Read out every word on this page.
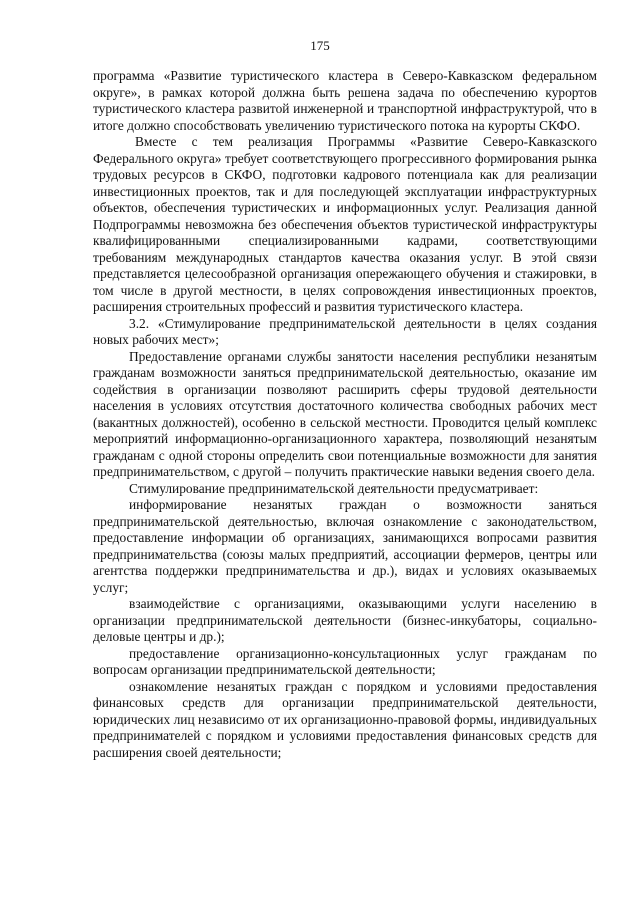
175

программа «Развитие туристического кластера в Северо-Кавказском федеральном округе», в рамках которой должна быть решена задача по обеспечению курортов туристического кластера развитой инженерной и транспортной инфраструктурой, что в итоге должно способствовать увеличению туристического потока на курорты СКФО.

Вместе с тем реализация Программы «Развитие Северо-Кавказского Федерального округа» требует соответствующего прогрессивного формирования рынка трудовых ресурсов в СКФО, подготовки кадрового потенциала как для реализации инвестиционных проектов, так и для последующей эксплуатации инфраструктурных объектов, обеспечения туристических и информационных услуг. Реализация данной Подпрограммы невозможна без обеспечения объектов туристической инфраструктуры квалифицированными специализированными кадрами, соответствующими требованиям международных стандартов качества оказания услуг. В этой связи представляется целесообразной организация опережающего обучения и стажировки, в том числе в другой местности, в целях сопровождения инвестиционных проектов, расширения строительных профессий и развития туристического кластера.

3.2. «Стимулирование предпринимательской деятельности в целях создания новых рабочих мест»;

Предоставление органами службы занятости населения республики незанятым гражданам возможности заняться предпринимательской деятельностью, оказание им содействия в организации позволяют расширить сферы трудовой деятельности населения в условиях отсутствия достаточного количества свободных рабочих мест (вакантных должностей), особенно в сельской местности. Проводится целый комплекс мероприятий информационно-организационного характера, позволяющий незанятым гражданам с одной стороны определить свои потенциальные возможности для занятия предпринимательством, с другой – получить практические навыки ведения своего дела.

Стимулирование предпринимательской деятельности предусматривает:

информирование незанятых граждан о возможности заняться предпринимательской деятельностью, включая ознакомление с законодательством, предоставление информации об организациях, занимающихся вопросами развития предпринимательства (союзы малых предприятий, ассоциации фермеров, центры или агентства поддержки предпринимательства и др.), видах и условиях оказываемых услуг;

взаимодействие с организациями, оказывающими услуги населению в организации предпринимательской деятельности (бизнес-инкубаторы, социально-деловые центры и др.);

предоставление организационно-консультационных услуг гражданам по вопросам организации предпринимательской деятельности;

ознакомление незанятых граждан с порядком и условиями предоставления финансовых средств для организации предпринимательской деятельности, юридических лиц независимо от их организационно-правовой формы, индивидуальных предпринимателей с порядком и условиями предоставления финансовых средств для расширения своей деятельности;
